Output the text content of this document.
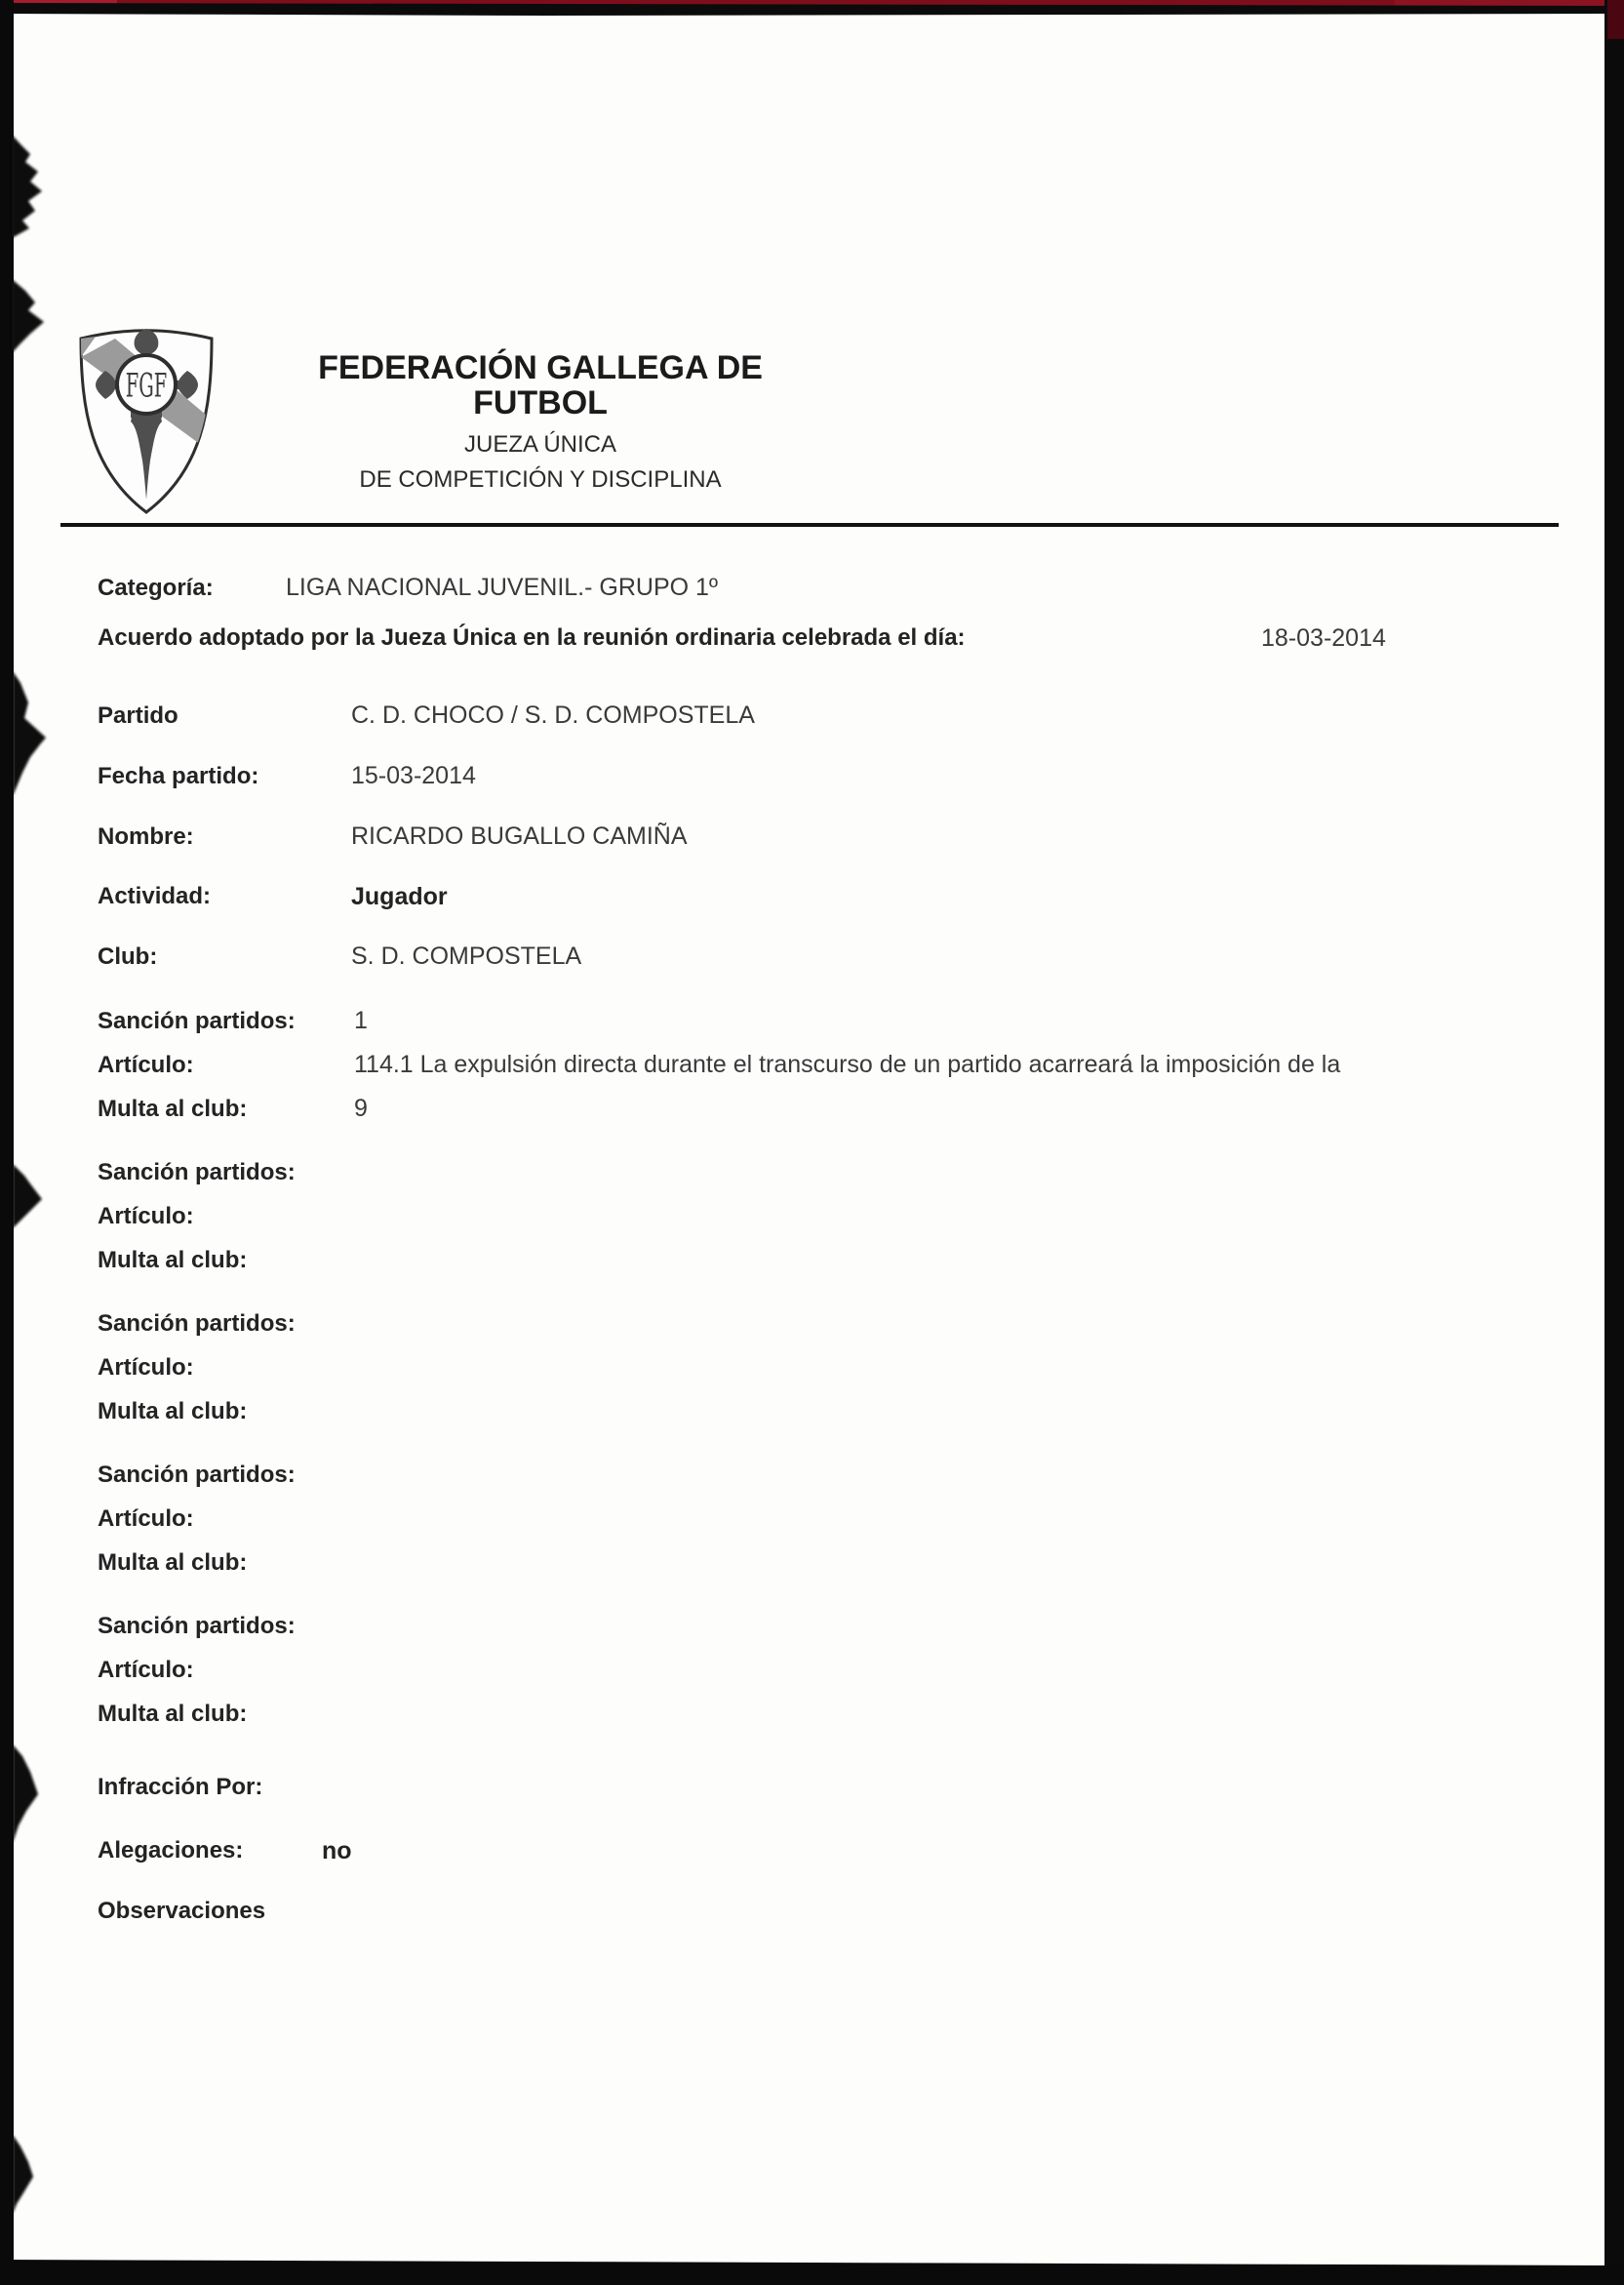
FGF	FEDERACIÓN GALLEGA DE FUTBOL
JUEZA ÚNICA
DE COMPETICIÓN Y DISCIPLINA
Categoría:	LIGA NACIONAL JUVENIL.- GRUPO 1º
Acuerdo adoptado por la Jueza Única en la reunión ordinaria celebrada el día:	18-03-2014
Partido	C. D. CHOCO / S. D. COMPOSTELA
Fecha partido:	15-03-2014
Nombre:	RICARDO BUGALLO CAMIÑA
Actividad:	Jugador
Club:	S. D. COMPOSTELA
Sanción partidos: 1
Artículo:	114.1 La expulsión directa durante el transcurso de un partido acarreará la imposición de la
Multa al club:	9
Sanción partidos:
Artículo:
Multa al club:
Sanción partidos:
Artículo:
Multa al club:
Sanción partidos:
Artículo:
Multa al club:
Sanción partidos:
Artículo:
Multa al club:
Infracción Por:
Alegaciones:	no
Observaciones
